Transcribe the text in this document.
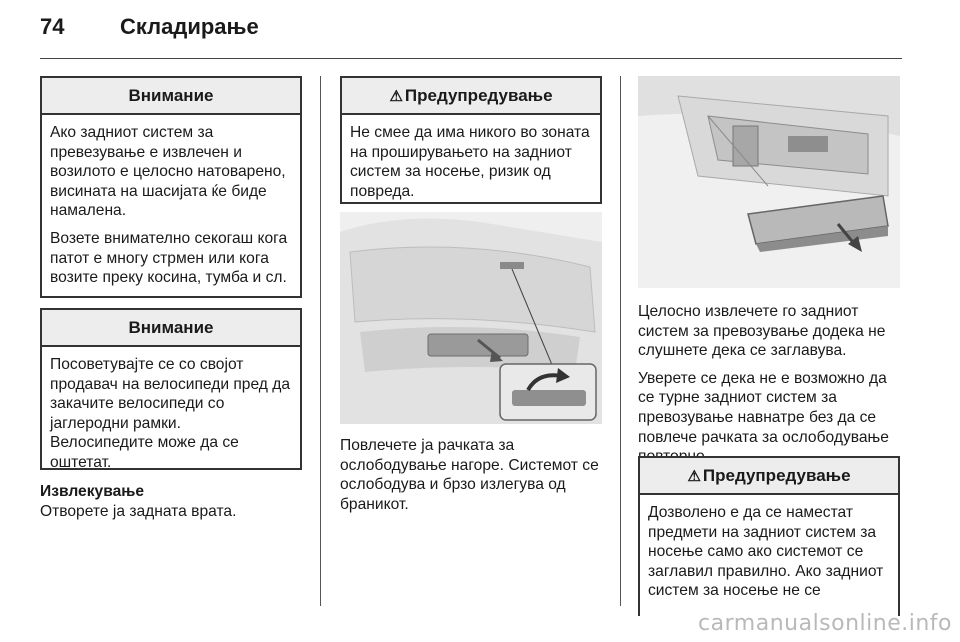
74	Складирање
Внимание

Ако задниот систем за превезување е извлечен и возилото е целосно натоварено, висината на шасијата ќе биде намалена.

Возете внимателно секогаш кога патот е многу стрмен или кога возите преку косина, тумба и сл.

Внимание

Посоветувајте се со својот продавач на велосипеди пред да закачите велосипеди со јаглеродни рамки.

Велосипедите може да се оштетат.

Извлекување
Отворете ја задната врата.
⚠ Предупредување

Не смее да има никого во зоната на проширувањето на задниот систем за носење, ризик од повреда.

Повлечете ја рачката за ослободување нагоре. Системот се ослободува и брзо излегува од браникот.

Целосно извлечете го задниот систем за превозување додека не слушнете дека се заглавува.

Уверете се дека не е возможно да се турне задниот систем за превозување навнатре без да се повлече рачката за ослободување

⚠ Предупредување

Дозволено е да се наместат предмети на задниот систем за носење само ако системот се заглавил правилно. Ако задниот систем за носење не се

carmanualsonline.info
